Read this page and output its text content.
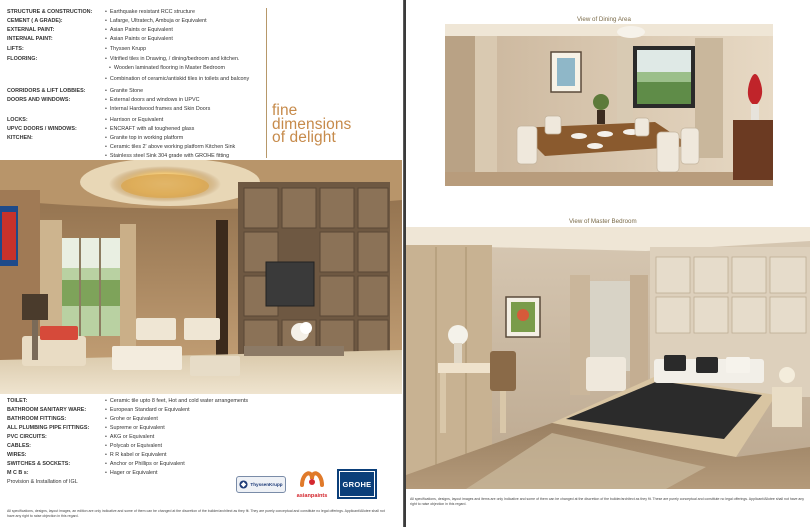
STRUCTURE & CONSTRUCTION:	• Earthquake resistant RCC structure
CEMENT ( A GRADE):	• Lafarge, Ultratech, Ambuja or Equivalent
EXTERNAL PAINT:	• Asian Paints or Equivalent
INTERNAL PAINT:	• Asian Paints or Equivalent
LIFTS:	• Thyssen Krupp
FLOORING:	• Vitrified tiles in Drawing, / dining/bedroom and kitchen.
• Wooden laminated flooring in Master Bedroom
• Combination of ceramic/antiskid tiles in toilets and balcony
CORRIDORS & LIFT LOBBIES:	• Granite Stone
DOORS AND WINDOWS:	• External doors and windows in UPVC
• Internal Hardwood frames and Skin Doors
LOCKS:	• Harrison or Equivalent
UPVC DOORS / WINDOWS:	• ENCRAFT with all toughened glass
KITCHEN:	• Granite top in working platform
• Ceramic tiles 2' above working platform Kitchen Sink
• Stainless steel Sink 304 grade with GROHE fitting
fine
dimensions
of delight
TOILET:	• Ceramic tile upto 8 feet, Hot and cold water arrangements
BATHROOM SANITARY WARE:	• European Standard or Equivalent
BATHROOM FITTINGS:	• Grohe or Equivalent
ALL PLUMBING PIPE FITTINGS:	• Supreme or Equivalent
PVC CIRCUITS:	• AKG or Equivalent
CABLES:	• Polycab or Equivalent
WIRES:	• R R kabel or Equivalent
SWITCHES & SOCKETS:	• Anchor or Phillips or Equivalent
M C B s:	• Hager or Equivalent
Provision & Installation of IGL	ThyssenKrupp
asianpaints
GROHE
All specifications, designs, layout images, an edition are only indicative and some of them can be changed at the discretion of the builder/architect as they fit. They are purely conceptual and constitute no legal offerings. Applicant/Allotee shall not have any right to raise objection in this regard.
View of Dining Area
View of Master Bedroom
All specifications, designs, layout images and items are only Indicative and some of them can be changed at the discretion of the builder/architect as they fit. These are purely conceptual and constitute no legal offerings. Applicant/Allotee shall not have any right to raise objection in this regard.
